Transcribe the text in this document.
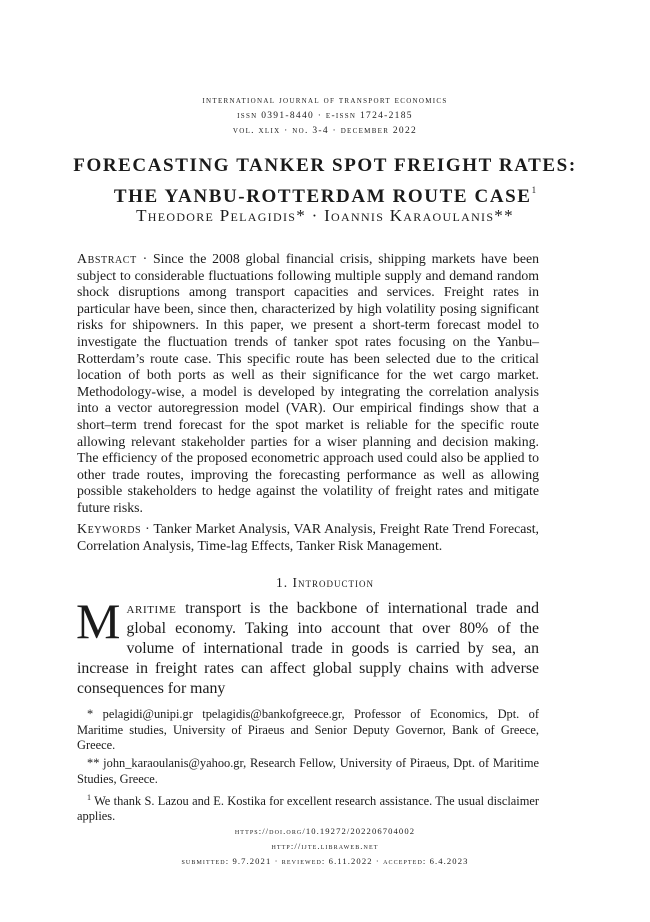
international journal of transport economics
issn 0391-8440 · e-issn 1724-2185
vol. xlix · no. 3-4 · december 2022
FORECASTING TANKER SPOT FREIGHT RATES:
THE YANBU-ROTTERDAM ROUTE CASE$^1$
Theodore Pelagidis* · Ioannis Karaoulanis**
Abstract · Since the 2008 global financial crisis, shipping markets have been subject to considerable fluctuations following multiple supply and demand random shock disruptions among transport capacities and services. Freight rates in particular have been, since then, characterized by high volatility posing significant risks for shipowners. In this paper, we present a short-term forecast model to investigate the fluctuation trends of tanker spot rates focusing on the Yanbu–Rotterdam’s route case. This specific route has been selected due to the critical location of both ports as well as their significance for the wet cargo market. Methodology-wise, a model is developed by integrating the correlation analysis into a vector autoregression model (VAR). Our empirical findings show that a short–term trend forecast for the spot market is reliable for the specific route allowing relevant stakeholder parties for a wiser planning and decision making. The efficiency of the proposed econometric approach used could also be applied to other trade routes, improving the forecasting performance as well as allowing possible stakeholders to hedge against the volatility of freight rates and mitigate future risks.
Keywords · Tanker Market Analysis, VAR Analysis, Freight Rate Trend Forecast, Correlation Analysis, Time-lag Effects, Tanker Risk Management.
1. Introduction
Maritime transport is the backbone of international trade and global economy. Taking into account that over 80% of the volume of international trade in goods is carried by sea, an increase in freight rates can affect global supply chains with adverse consequences for many
* pelagidi@unipi.gr tpelagidis@bankofgreece.gr, Professor of Economics, Dpt. of Maritime studies, University of Piraeus and Senior Deputy Governor, Bank of Greece, Greece.
** john_karaoulanis@yahoo.gr, Research Fellow, University of Piraeus, Dpt. of Maritime Studies, Greece.
$^1$ We thank S. Lazou and E. Kostika for excellent research assistance. The usual disclaimer applies.
https://doi.org/10.19272/202206704002
http://ijte.libraweb.net
submitted: 9.7.2021 · reviewed: 6.11.2022 · accepted: 6.4.2023
